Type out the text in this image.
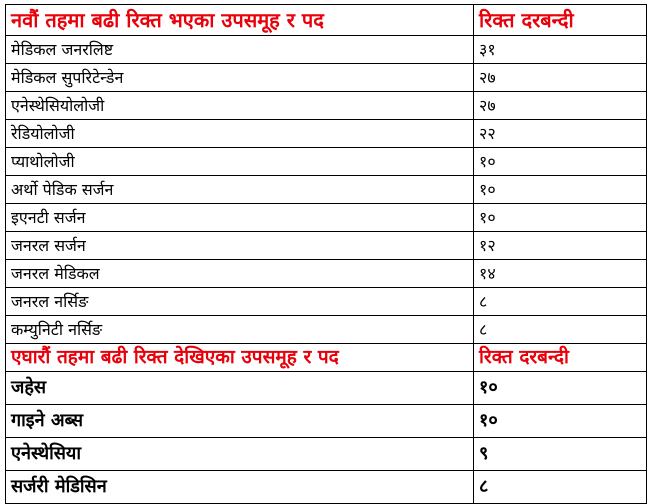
नवौं तहमा बढी रिक्त भएका उपसमूह र पद	रिक्त दरबन्दी
मेडिकल जनरलिष्ट	३१
मेडिकल सुपरिटेन्डेन	२७
एनेस्थेसियोलोजी	२७
रेडियोलोजी	२२
प्याथोलोजी	१०
अर्थो पेडिक सर्जन	१०
इएनटी सर्जन	१०
जनरल सर्जन	१२
जनरल मेडिकल	१४
जनरल नर्सिङ	८
कम्युनिटी नर्सिङ	८
एघारौं तहमा बढी रिक्त देखिएका उपसमूह र पद	रिक्त दरबन्दी
जहेस	१०
गाइने अब्स	१०
एनेस्थेसिया	९
सर्जरी मेडिसिन	८
